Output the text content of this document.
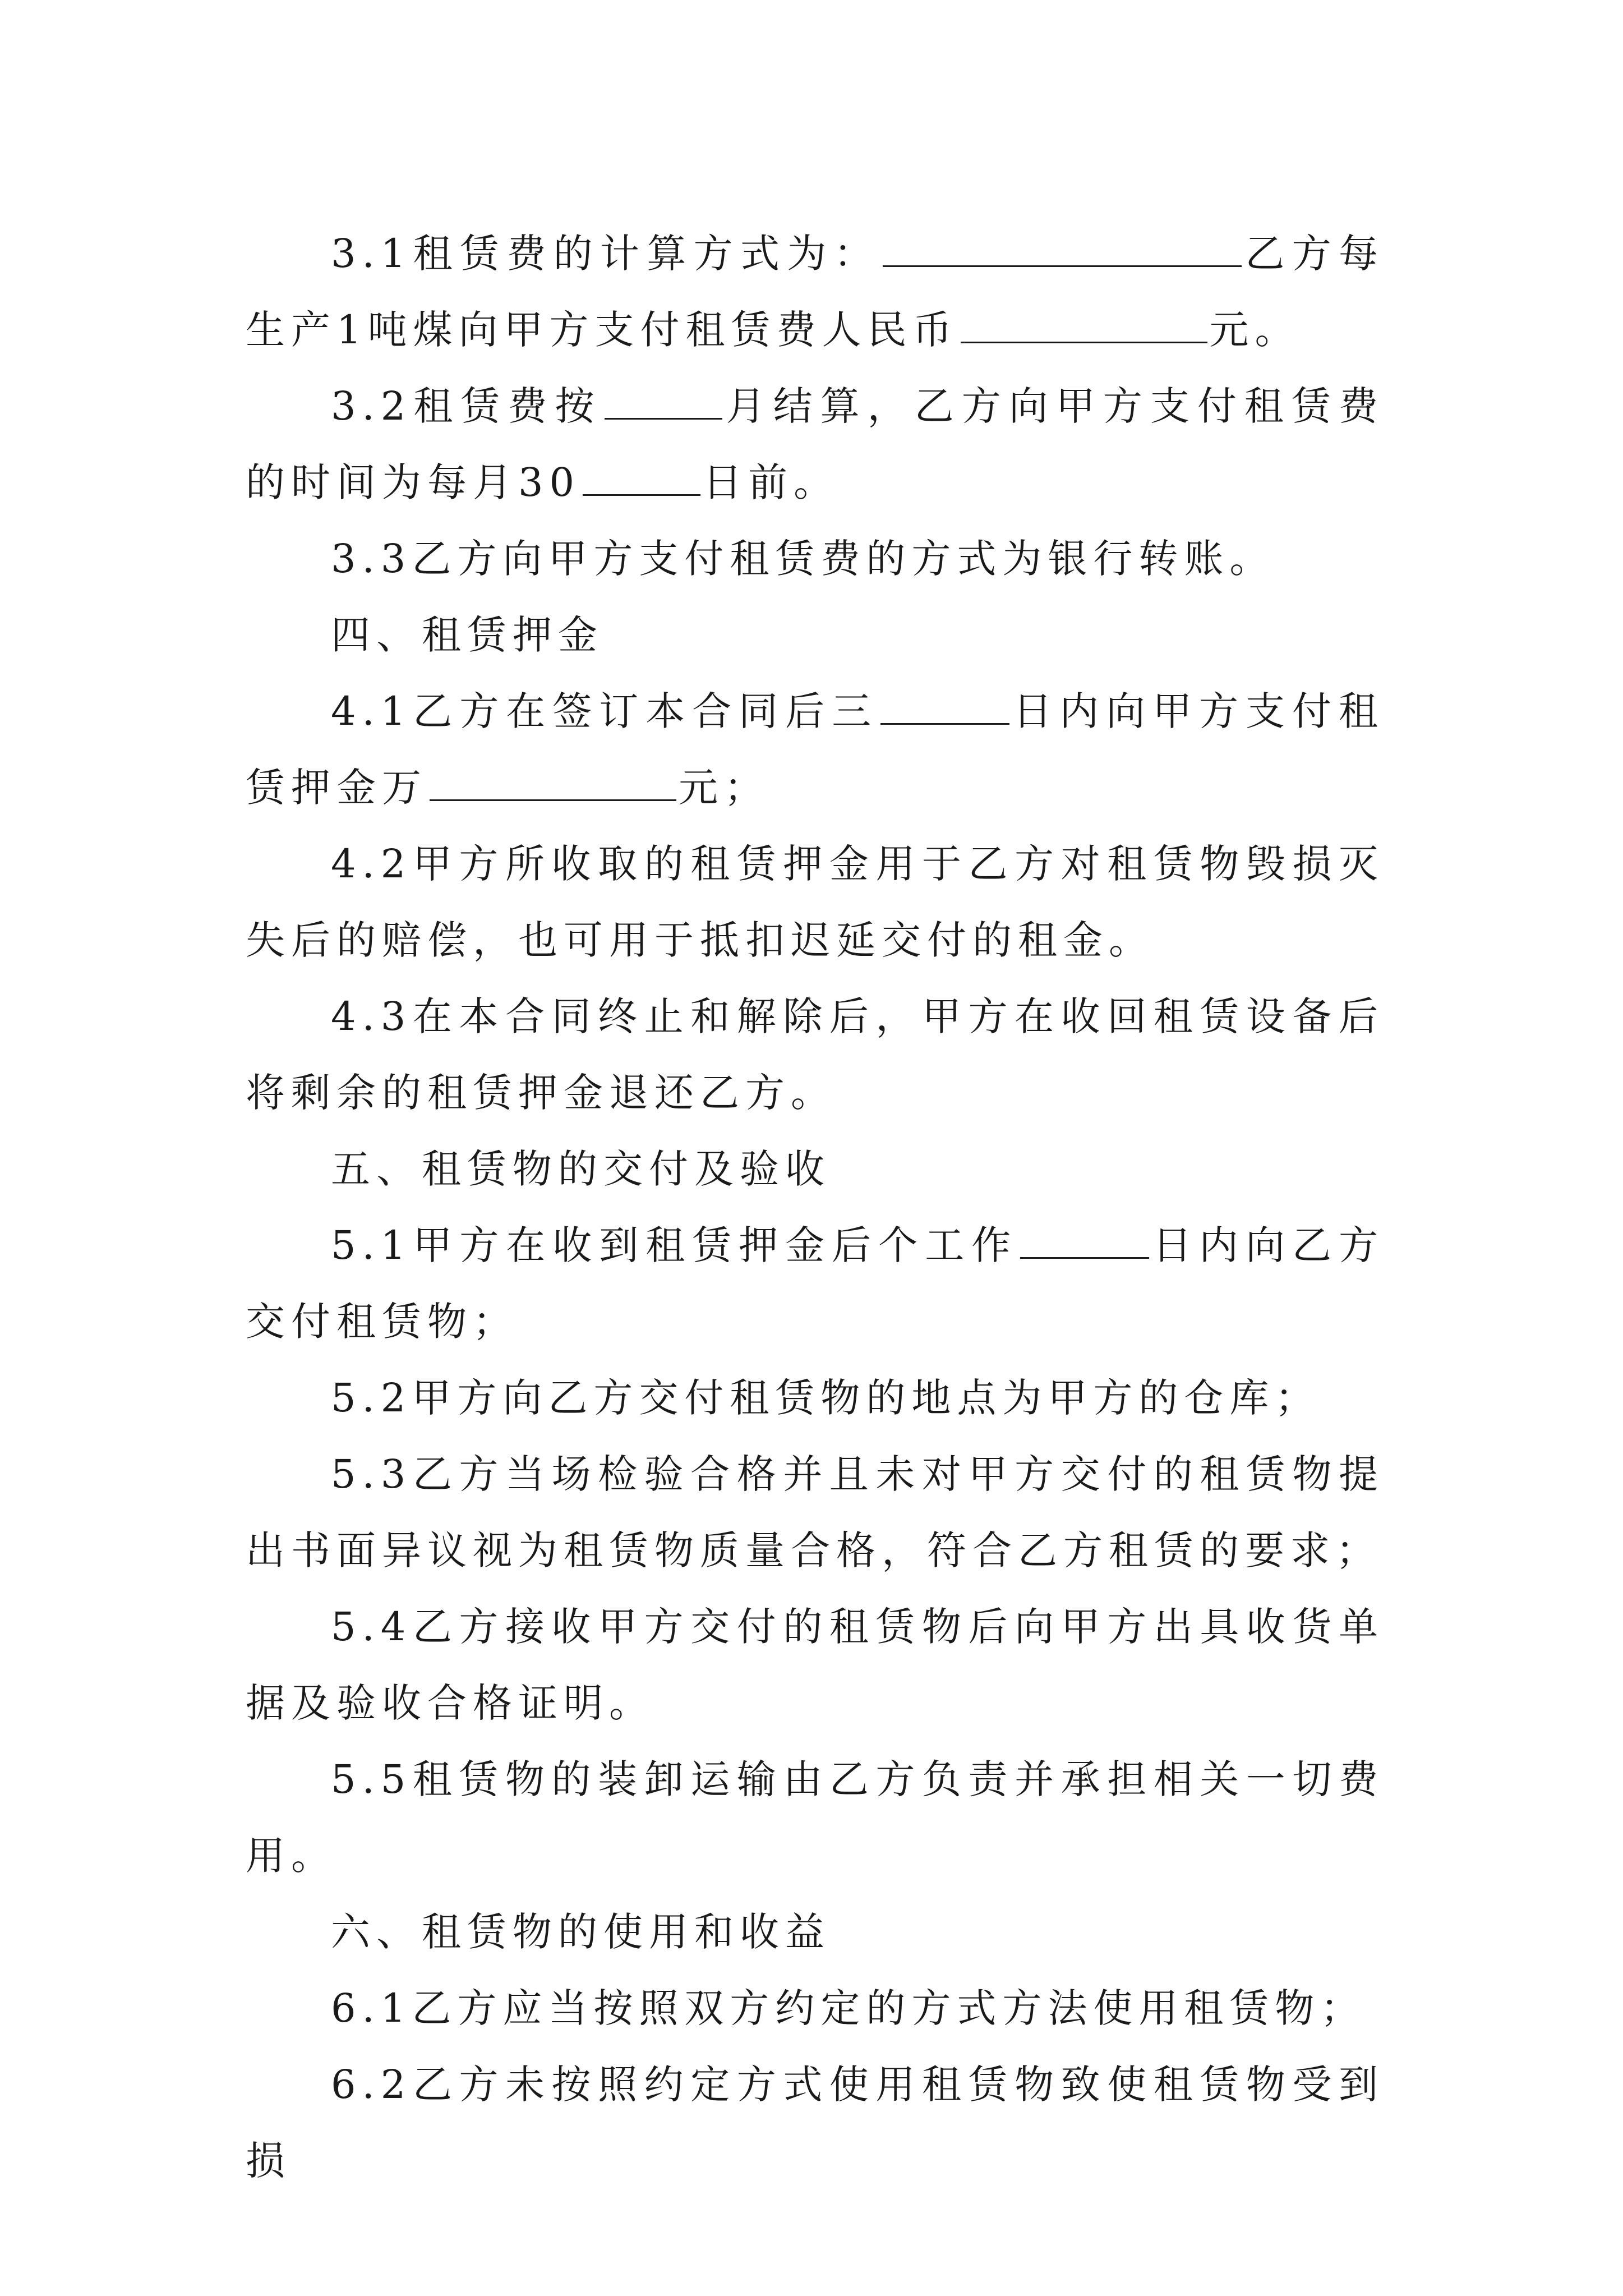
3.1租赁费的计算方式为：	乙方每生产1吨煤向甲方支付租赁费人民币	元。

3.2租赁费按	月结算，乙方向甲方支付租赁费的时间为每月30	日前。

3.3乙方向甲方支付租赁费的方式为银行转账。

四、租赁押金

4.1乙方在签订本合同后三	日内向甲方支付租赁押金万	元；

4.2甲方所收取的租赁押金用于乙方对租赁物毁损灭失后的赔偿，也可用于抵扣迟延交付的租金。

4.3在本合同终止和解除后，甲方在收回租赁设备后将剩余的租赁押金退还乙方。

五、租赁物的交付及验收

5.1甲方在收到租赁押金后个工作	日内向乙方交付租赁物；

5.2甲方向乙方交付租赁物的地点为甲方的仓库；

5.3乙方当场检验合格并且未对甲方交付的租赁物提出书面异议视为租赁物质量合格，符合乙方租赁的要求；

5.4乙方接收甲方交付的租赁物后向甲方出具收货单据及验收合格证明。

5.5租赁物的装卸运输由乙方负责并承担相关一切费用。

六、租赁物的使用和收益

6.1乙方应当按照双方约定的方式方法使用租赁物；

6.2乙方未按照约定方式使用租赁物致使租赁物受到损
